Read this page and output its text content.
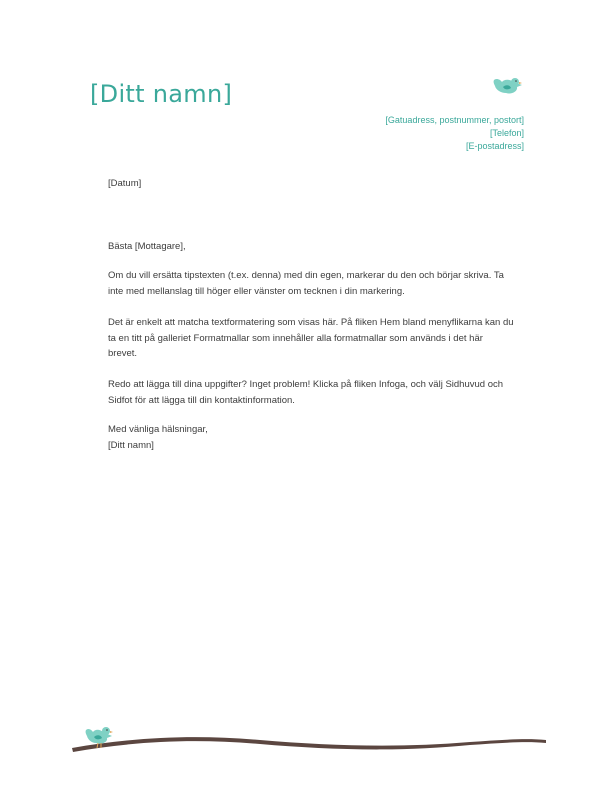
[Ditt namn]
[Gatuadress, postnummer, postort]
[Telefon]
[E-postadress]
[Datum]
Bästa [Mottagare],

Om du vill ersätta tipstexten (t.ex. denna) med din egen, markerar du den och börjar skriva. Ta inte med mellanslag till höger eller vänster om tecknen i din markering.

Det är enkelt att matcha textformatering som visas här. På fliken Hem bland menyflikarna kan du ta en titt på galleriet Formatmallar som innehåller alla formatmallar som används i det här brevet.

Redo att lägga till dina uppgifter? Inget problem! Klicka på fliken Infoga, och välj Sidhuvud och Sidfot för att lägga till din kontaktinformation.

Med vänliga hälsningar,
[Ditt namn]
